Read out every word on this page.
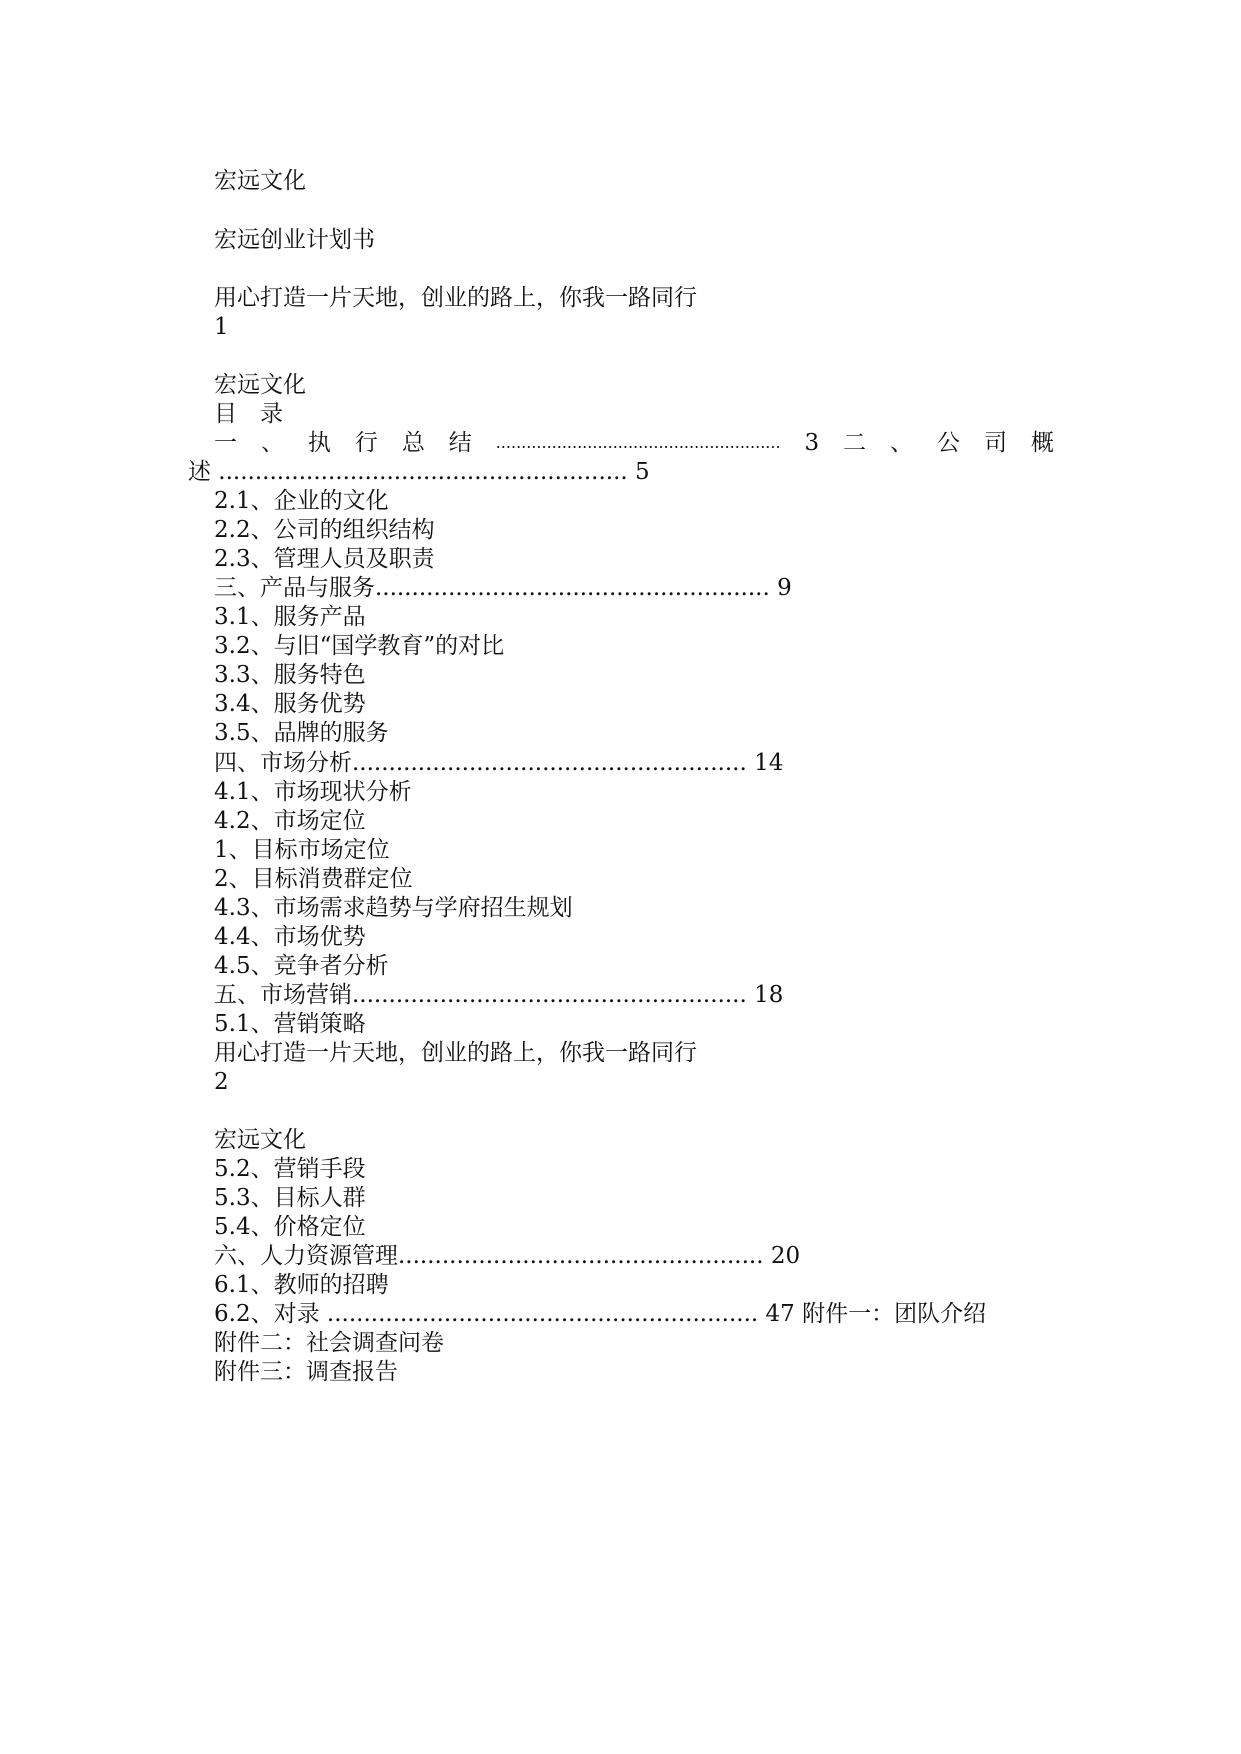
宏远文化
宏远创业计划书
用心打造一片天地，创业的路上，你我一路同行
1
宏远文化
目　录
一 、 执 行 总 结 ........................................................ 3 二 、 公 司 概
述 ........................................................ 5
2.1、企业的文化
2.2、公司的组织结构
2.3、管理人员及职责
三、产品与服务...................................................... 9
3.1、服务产品
3.2、与旧“国学教育”的对比
3.3、服务特色
3.4、服务优势
3.5、品牌的服务
四、市场分析...................................................... 14
4.1、市场现状分析
4.2、市场定位
1、目标市场定位
2、目标消费群定位
4.3、市场需求趋势与学府招生规划
4.4、市场优势
4.5、竞争者分析
五、市场营销...................................................... 18
5.1、营销策略
用心打造一片天地，创业的路上，你我一路同行
2
宏远文化
5.2、营销手段
5.3、目标人群
5.4、价格定位
六、人力资源管理.................................................. 20
6.1、教师的招聘
6.2、对录 ........................................................... 47 附件一：团队介绍
附件二：社会调查问卷
附件三：调查报告
